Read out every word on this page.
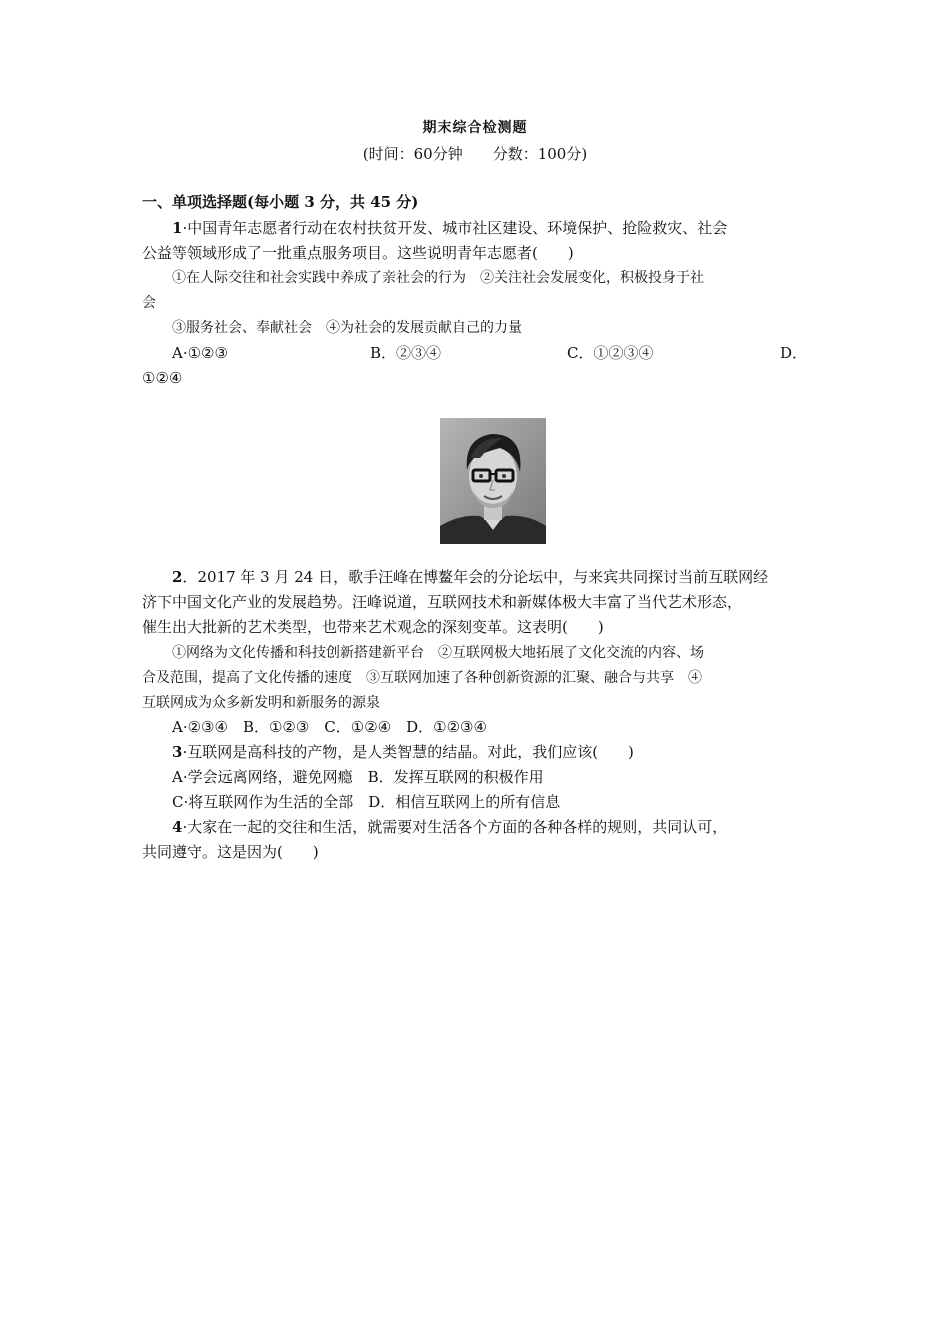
期末综合检测题
(时间：60分钟　　分数：100分)
一、单项选择题(每小题 3 分，共 45 分)
1·中国青年志愿者行动在农村扶贫开发、城市社区建设、环境保护、抢险救灾、社会
公益等领域形成了一批重点服务项目。这些说明青年志愿者(　　)
①在人际交往和社会实践中养成了亲社会的行为　②关注社会发展变化，积极投身于社
会
③服务社会、奉献社会　④为社会的发展贡献自己的力量
A·①②③	B．②③④	C．①②③④	D．
①②④
2．2017 年 3 月 24 日，歌手汪峰在博鳌年会的分论坛中，与来宾共同探讨当前互联网经
济下中国文化产业的发展趋势。汪峰说道，互联网技术和新媒体极大丰富了当代艺术形态，
催生出大批新的艺术类型，也带来艺术观念的深刻变革。这表明(　　)
①网络为文化传播和科技创新搭建新平台　②互联网极大地拓展了文化交流的内容、场
合及范围，提高了文化传播的速度　③互联网加速了各种创新资源的汇聚、融合与共享　④
互联网成为众多新发明和新服务的源泉
A·②③④　B．①②③　C．①②④　D．①②③④
3·互联网是高科技的产物，是人类智慧的结晶。对此，我们应该(　　)
A·学会远离网络，避免网瘾　B．发挥互联网的积极作用
C·将互联网作为生活的全部　D．相信互联网上的所有信息
4·大家在一起的交往和生活，就需要对生活各个方面的各种各样的规则，共同认可，
共同遵守。这是因为(　　)
